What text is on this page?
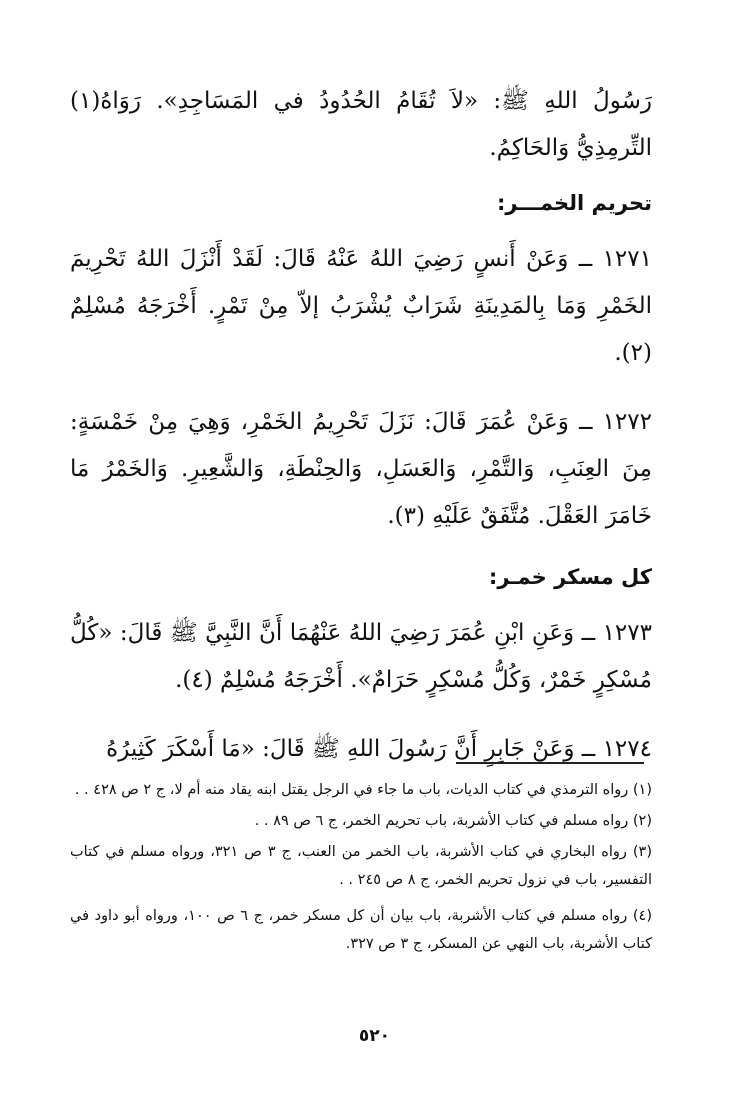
رَسُولُ اللهِ ﷺ: «لاَ تُقَامُ الحُدُودُ في المَسَاجِدِ». رَوَاهُ(١) التِّرمِذِيُّ وَالحَاكِمُ.

تحريم الخمـــر:

١٢٧١ ــ وَعَنْ أَنسٍ رَضِيَ اللهُ عَنْهُ قَالَ: لَقَدْ أَنْزَلَ اللهُ تَحْرِيمَ الخَمْرِ وَمَا بِالمَدِينَةِ شَرَابٌ يُشْرَبُ إلاّ مِنْ تَمْرٍ. أَخْرَجَهُ مُسْلِمٌ (٢).

١٢٧٢ ــ وَعَنْ عُمَرَ قَالَ: نَزَلَ تَحْرِيمُ الخَمْرِ، وَهِيَ مِنْ خَمْسَةٍ: مِنَ العِنَبِ، وَالتَّمْرِ، وَالعَسَلِ، وَالحِنْطَةِ، وَالشَّعِيرِ. وَالخَمْرُ مَا خَامَرَ العَقْلَ. مُتَّفَقٌ عَلَيْهِ (٣).

كل مسكر خمـر:

١٢٧٣ ــ وَعَنِ ابْنِ عُمَرَ رَضِيَ اللهُ عَنْهُمَا أَنَّ النَّبِيَّ ﷺ قَالَ: «كُلُّ مُسْكِرٍ خَمْرٌ، وَكُلُّ مُسْكِرٍ حَرَامٌ». أَخْرَجَهُ مُسْلِمٌ (٤).

١٢٧٤ ــ وَعَنْ جَابِرٍ أَنَّ رَسُولَ اللهِ ﷺ قَالَ: «مَا أَسْكَرَ كَثِيرُهُ

(١) رواه الترمذي في كتاب الديات، باب ما جاء في الرجل يقتل ابنه يقاد منه أم لا، ج ٢ ص ٤٢٨ . .

(٢) رواه مسلم في كتاب الأشربة، باب تحريم الخمر، ج ٦ ص ٨٩ . .

(٣) رواه البخاري في كتاب الأشربة، باب الخمر من العنب، ج ٣ ص ٣٢١، ورواه مسلم في كتاب التفسير، باب في نزول تحريم الخمر، ج ٨ ص ٢٤٥ . .

(٤) رواه مسلم في كتاب الأشربة، باب بيان أن كل مسكر خمر، ج ٦ ص ١٠٠، ورواه أبو داود في كتاب الأشربة، باب النهي عن المسكر، ج ٣ ص ٣٢٧.

٥٢٠
